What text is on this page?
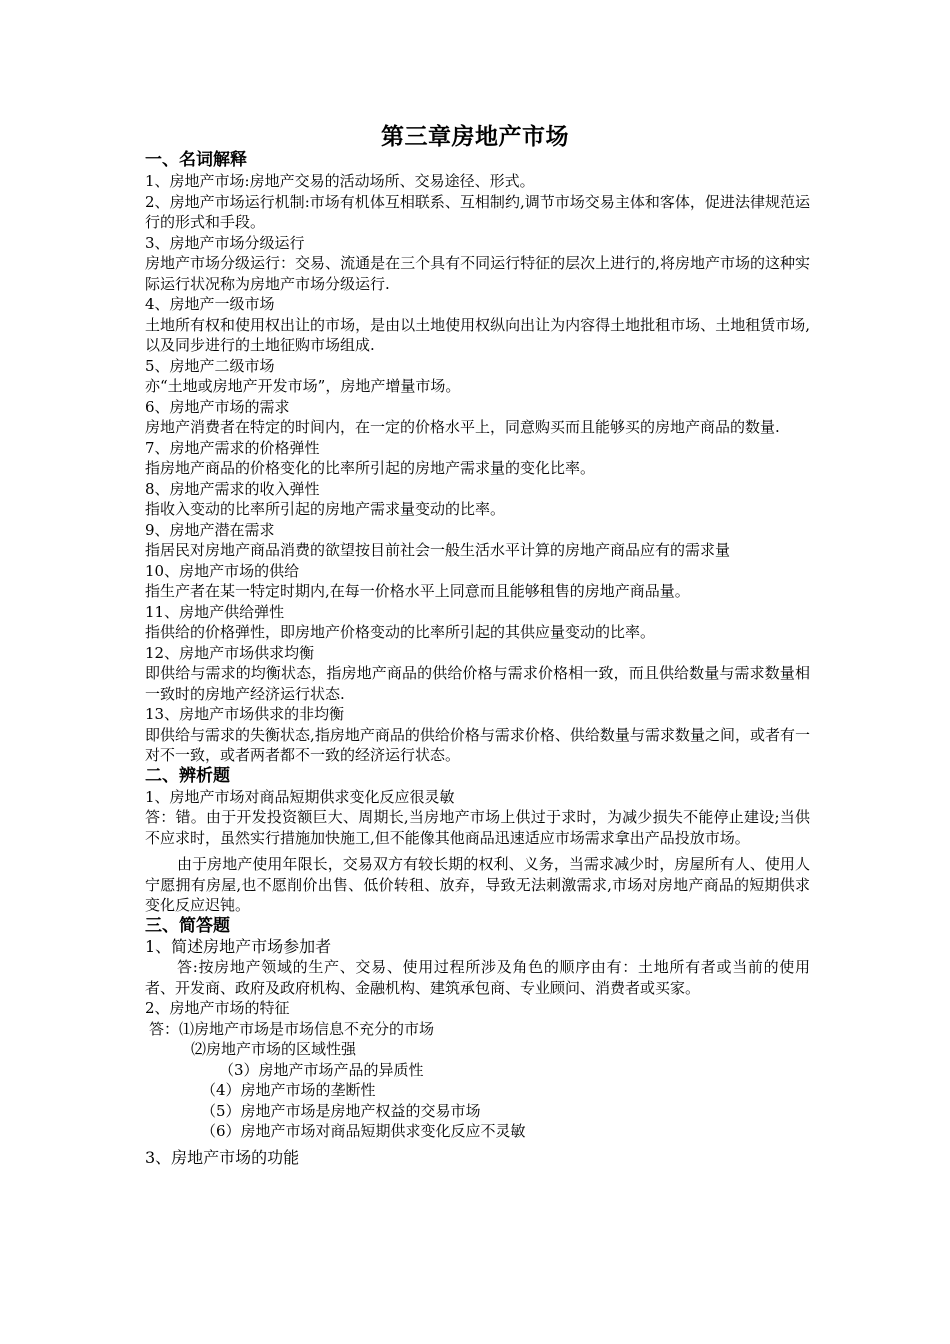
第三章房地产市场
一、名词解释
1、房地产市场:房地产交易的活动场所、交易途径、形式。
2、房地产市场运行机制:市场有机体互相联系、互相制约,调节市场交易主体和客体，促进法律规范运行的形式和手段。
3、房地产市场分级运行
房地产市场分级运行：交易、流通是在三个具有不同运行特征的层次上进行的,将房地产市场的这种实际运行状况称为房地产市场分级运行.
4、房地产一级市场
土地所有权和使用权出让的市场，是由以土地使用权纵向出让为内容得土地批租市场、土地租赁市场,以及同步进行的土地征购市场组成.
5、房地产二级市场
亦“土地或房地产开发市场”，房地产增量市场。
6、房地产市场的需求
房地产消费者在特定的时间内，在一定的价格水平上，同意购买而且能够买的房地产商品的数量.
7、房地产需求的价格弹性
指房地产商品的价格变化的比率所引起的房地产需求量的变化比率。
8、房地产需求的收入弹性
指收入变动的比率所引起的房地产需求量变动的比率。
9、房地产潜在需求
指居民对房地产商品消费的欲望按目前社会一般生活水平计算的房地产商品应有的需求量
10、房地产市场的供给
指生产者在某一特定时期内,在每一价格水平上同意而且能够租售的房地产商品量。
11、房地产供给弹性
指供给的价格弹性，即房地产价格变动的比率所引起的其供应量变动的比率。
12、房地产市场供求均衡
即供给与需求的均衡状态，指房地产商品的供给价格与需求价格相一致，而且供给数量与需求数量相一致时的房地产经济运行状态.
13、房地产市场供求的非均衡
即供给与需求的失衡状态,指房地产商品的供给价格与需求价格、供给数量与需求数量之间，或者有一对不一致，或者两者都不一致的经济运行状态。
二、辨析题
1、房地产市场对商品短期供求变化反应很灵敏
答：错。由于开发投资额巨大、周期长,当房地产市场上供过于求时，为减少损失不能停止建设;当供不应求时，虽然实行措施加快施工,但不能像其他商品迅速适应市场需求拿出产品投放市场。
由于房地产使用年限长，交易双方有较长期的权利、义务，当需求减少时，房屋所有人、使用人宁愿拥有房屋,也不愿削价出售、低价转租、放弃，导致无法刺激需求,市场对房地产商品的短期供求变化反应迟钝。
三、简答题
1、简述房地产市场参加者
答:按房地产领域的生产、交易、使用过程所涉及角色的顺序由有：土地所有者或当前的使用者、开发商、政府及政府机构、金融机构、建筑承包商、专业顾问、消费者或买家。
2、房地产市场的特征
答：⑴房地产市场是市场信息不充分的市场
⑵房地产市场的区域性强
（3）房地产市场产品的异质性
（4）房地产市场的垄断性
（5）房地产市场是房地产权益的交易市场
（6）房地产市场对商品短期供求变化反应不灵敏
3、房地产市场的功能
